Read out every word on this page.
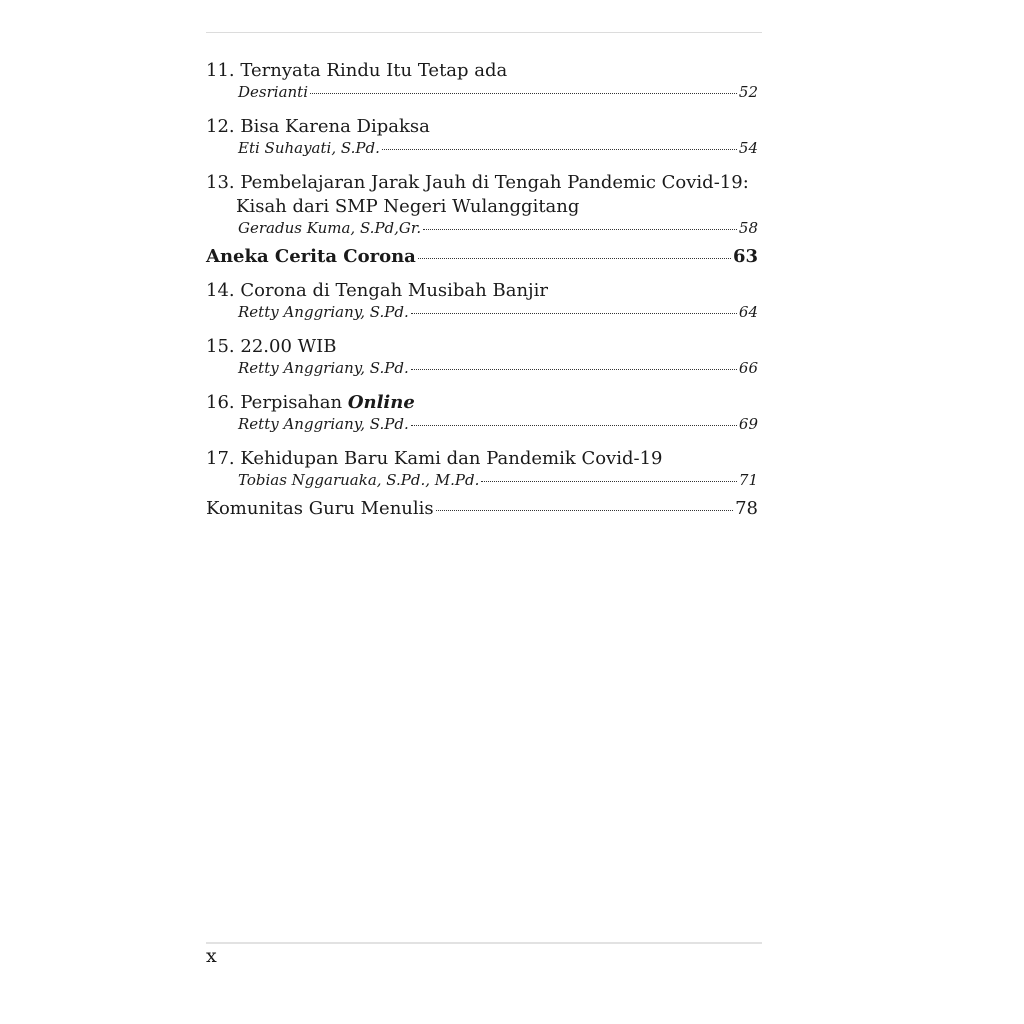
11. Ternyata Rindu Itu Tetap ada
Desrianti	52
12. Bisa Karena Dipaksa
Eti Suhayati, S.Pd.	54
13. Pembelajaran Jarak Jauh di Tengah Pandemic Covid-19:
Kisah dari SMP Negeri Wulanggitang
Geradus Kuma, S.Pd,Gr.	58
Aneka Cerita Corona	63
14. Corona di Tengah Musibah Banjir
Retty Anggriany, S.Pd.	64
15. 22.00 WIB
Retty Anggriany, S.Pd.	66
16. Perpisahan Online
Retty Anggriany, S.Pd.	69
17. Kehidupan Baru Kami dan Pandemik Covid-19
Tobias Nggaruaka, S.Pd., M.Pd.	71
Komunitas Guru Menulis	78
x
